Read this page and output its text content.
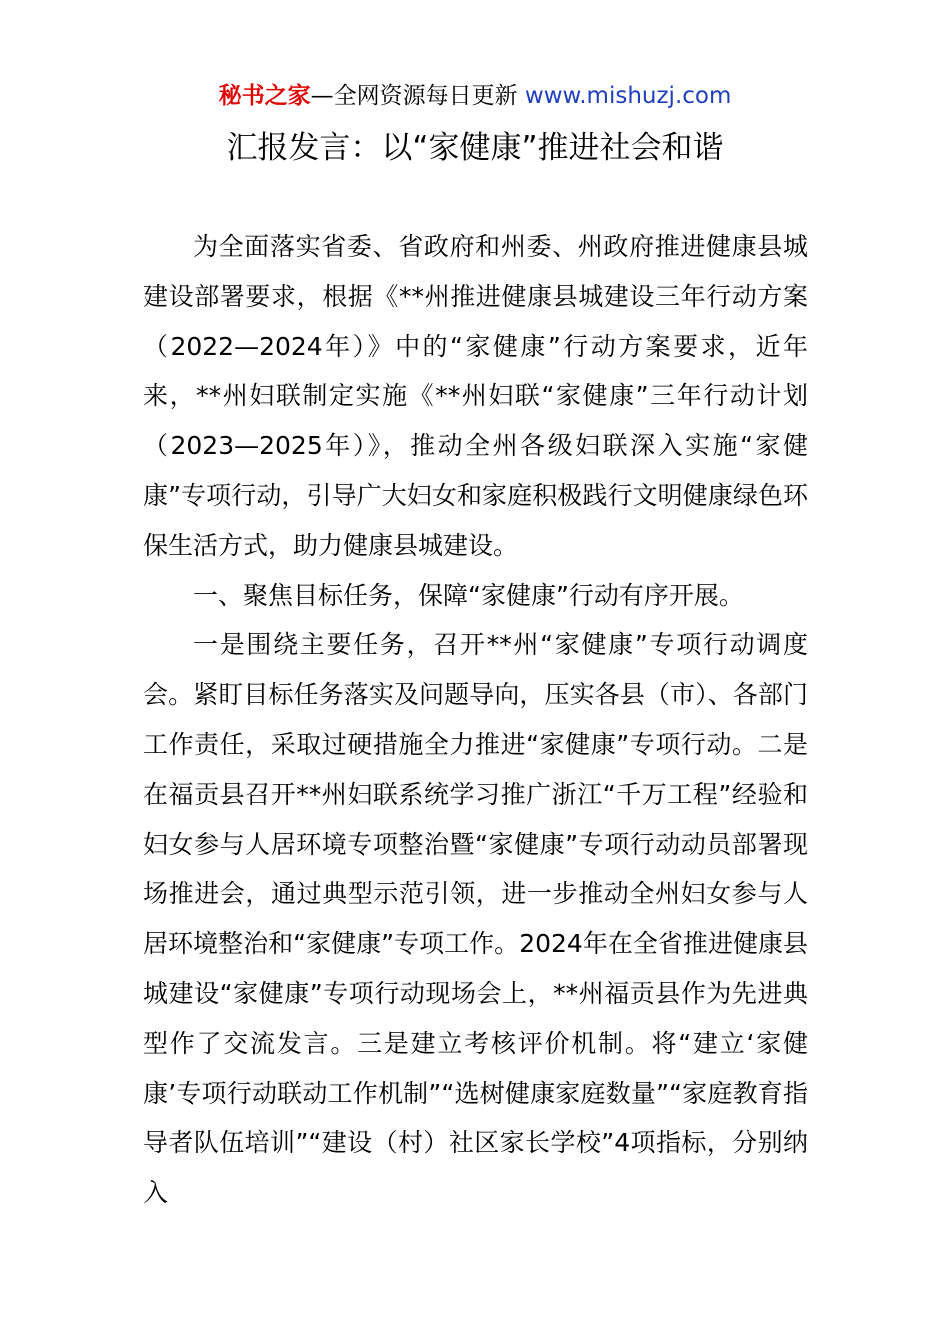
秘书之家—全网资源每日更新 www.mishuzj.com
汇报发言：以“家健康”推进社会和谐

为全面落实省委、省政府和州委、州政府推进健康县城建设部署要求，根据《**州推进健康县城建设三年行动方案（2022—2024年）》中的“家健康”行动方案要求，近年来，**州妇联制定实施《**州妇联“家健康”三年行动计划（2023—2025年）》，推动全州各级妇联深入实施“家健康”专项行动，引导广大妇女和家庭积极践行文明健康绿色环保生活方式，助力健康县城建设。

一、聚焦目标任务，保障“家健康”行动有序开展。

一是围绕主要任务，召开**州“家健康”专项行动调度会。紧盯目标任务落实及问题导向，压实各县（市）、各部门工作责任，采取过硬措施全力推进“家健康”专项行动。二是在福贡县召开**州妇联系统学习推广浙江“千万工程”经验和妇女参与人居环境专项整治暨“家健康”专项行动动员部署现场推进会，通过典型示范引领，进一步推动全州妇女参与人居环境整治和“家健康”专项工作。2024年在全省推进健康县城建设“家健康”专项行动现场会上，**州福贡县作为先进典型作了交流发言。三是建立考核评价机制。将“建立‘家健康’专项行动联动工作机制”“选树健康家庭数量”“家庭教育指导者队伍培训”“建设（村）社区家长学校”4项指标，分别纳入
